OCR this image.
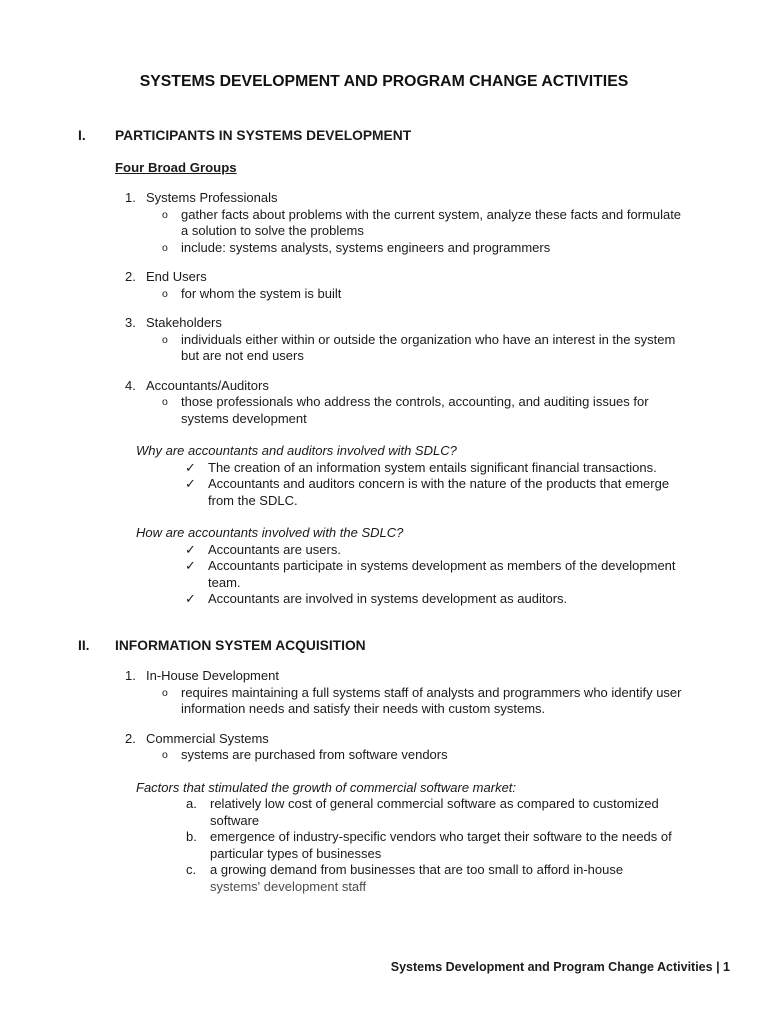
SYSTEMS DEVELOPMENT AND PROGRAM CHANGE ACTIVITIES
I.	PARTICIPANTS IN SYSTEMS DEVELOPMENT
Four Broad Groups
1. Systems Professionals
o gather facts about problems with the current system, analyze these facts and formulate a solution to solve the problems
o include: systems analysts, systems engineers and programmers
2. End Users
o for whom the system is built
3. Stakeholders
o individuals either within or outside the organization who have an interest in the system but are not end users
4. Accountants/Auditors
o those professionals who address the controls, accounting, and auditing issues for systems development
Why are accountants and auditors involved with SDLC?
✓ The creation of an information system entails significant financial transactions.
✓ Accountants and auditors concern is with the nature of the products that emerge from the SDLC.
How are accountants involved with the SDLC?
✓ Accountants are users.
✓ Accountants participate in systems development as members of the development team.
✓ Accountants are involved in systems development as auditors.
II.	INFORMATION SYSTEM ACQUISITION
1. In-House Development
o requires maintaining a full systems staff of analysts and programmers who identify user information needs and satisfy their needs with custom systems.
2. Commercial Systems
o systems are purchased from software vendors
Factors that stimulated the growth of commercial software market:
a. relatively low cost of general commercial software as compared to customized software
b. emergence of industry-specific vendors who target their software to the needs of particular types of businesses
c. a growing demand from businesses that are too small to afford in-house
systems' development staff
Systems Development and Program Change Activities | 1
